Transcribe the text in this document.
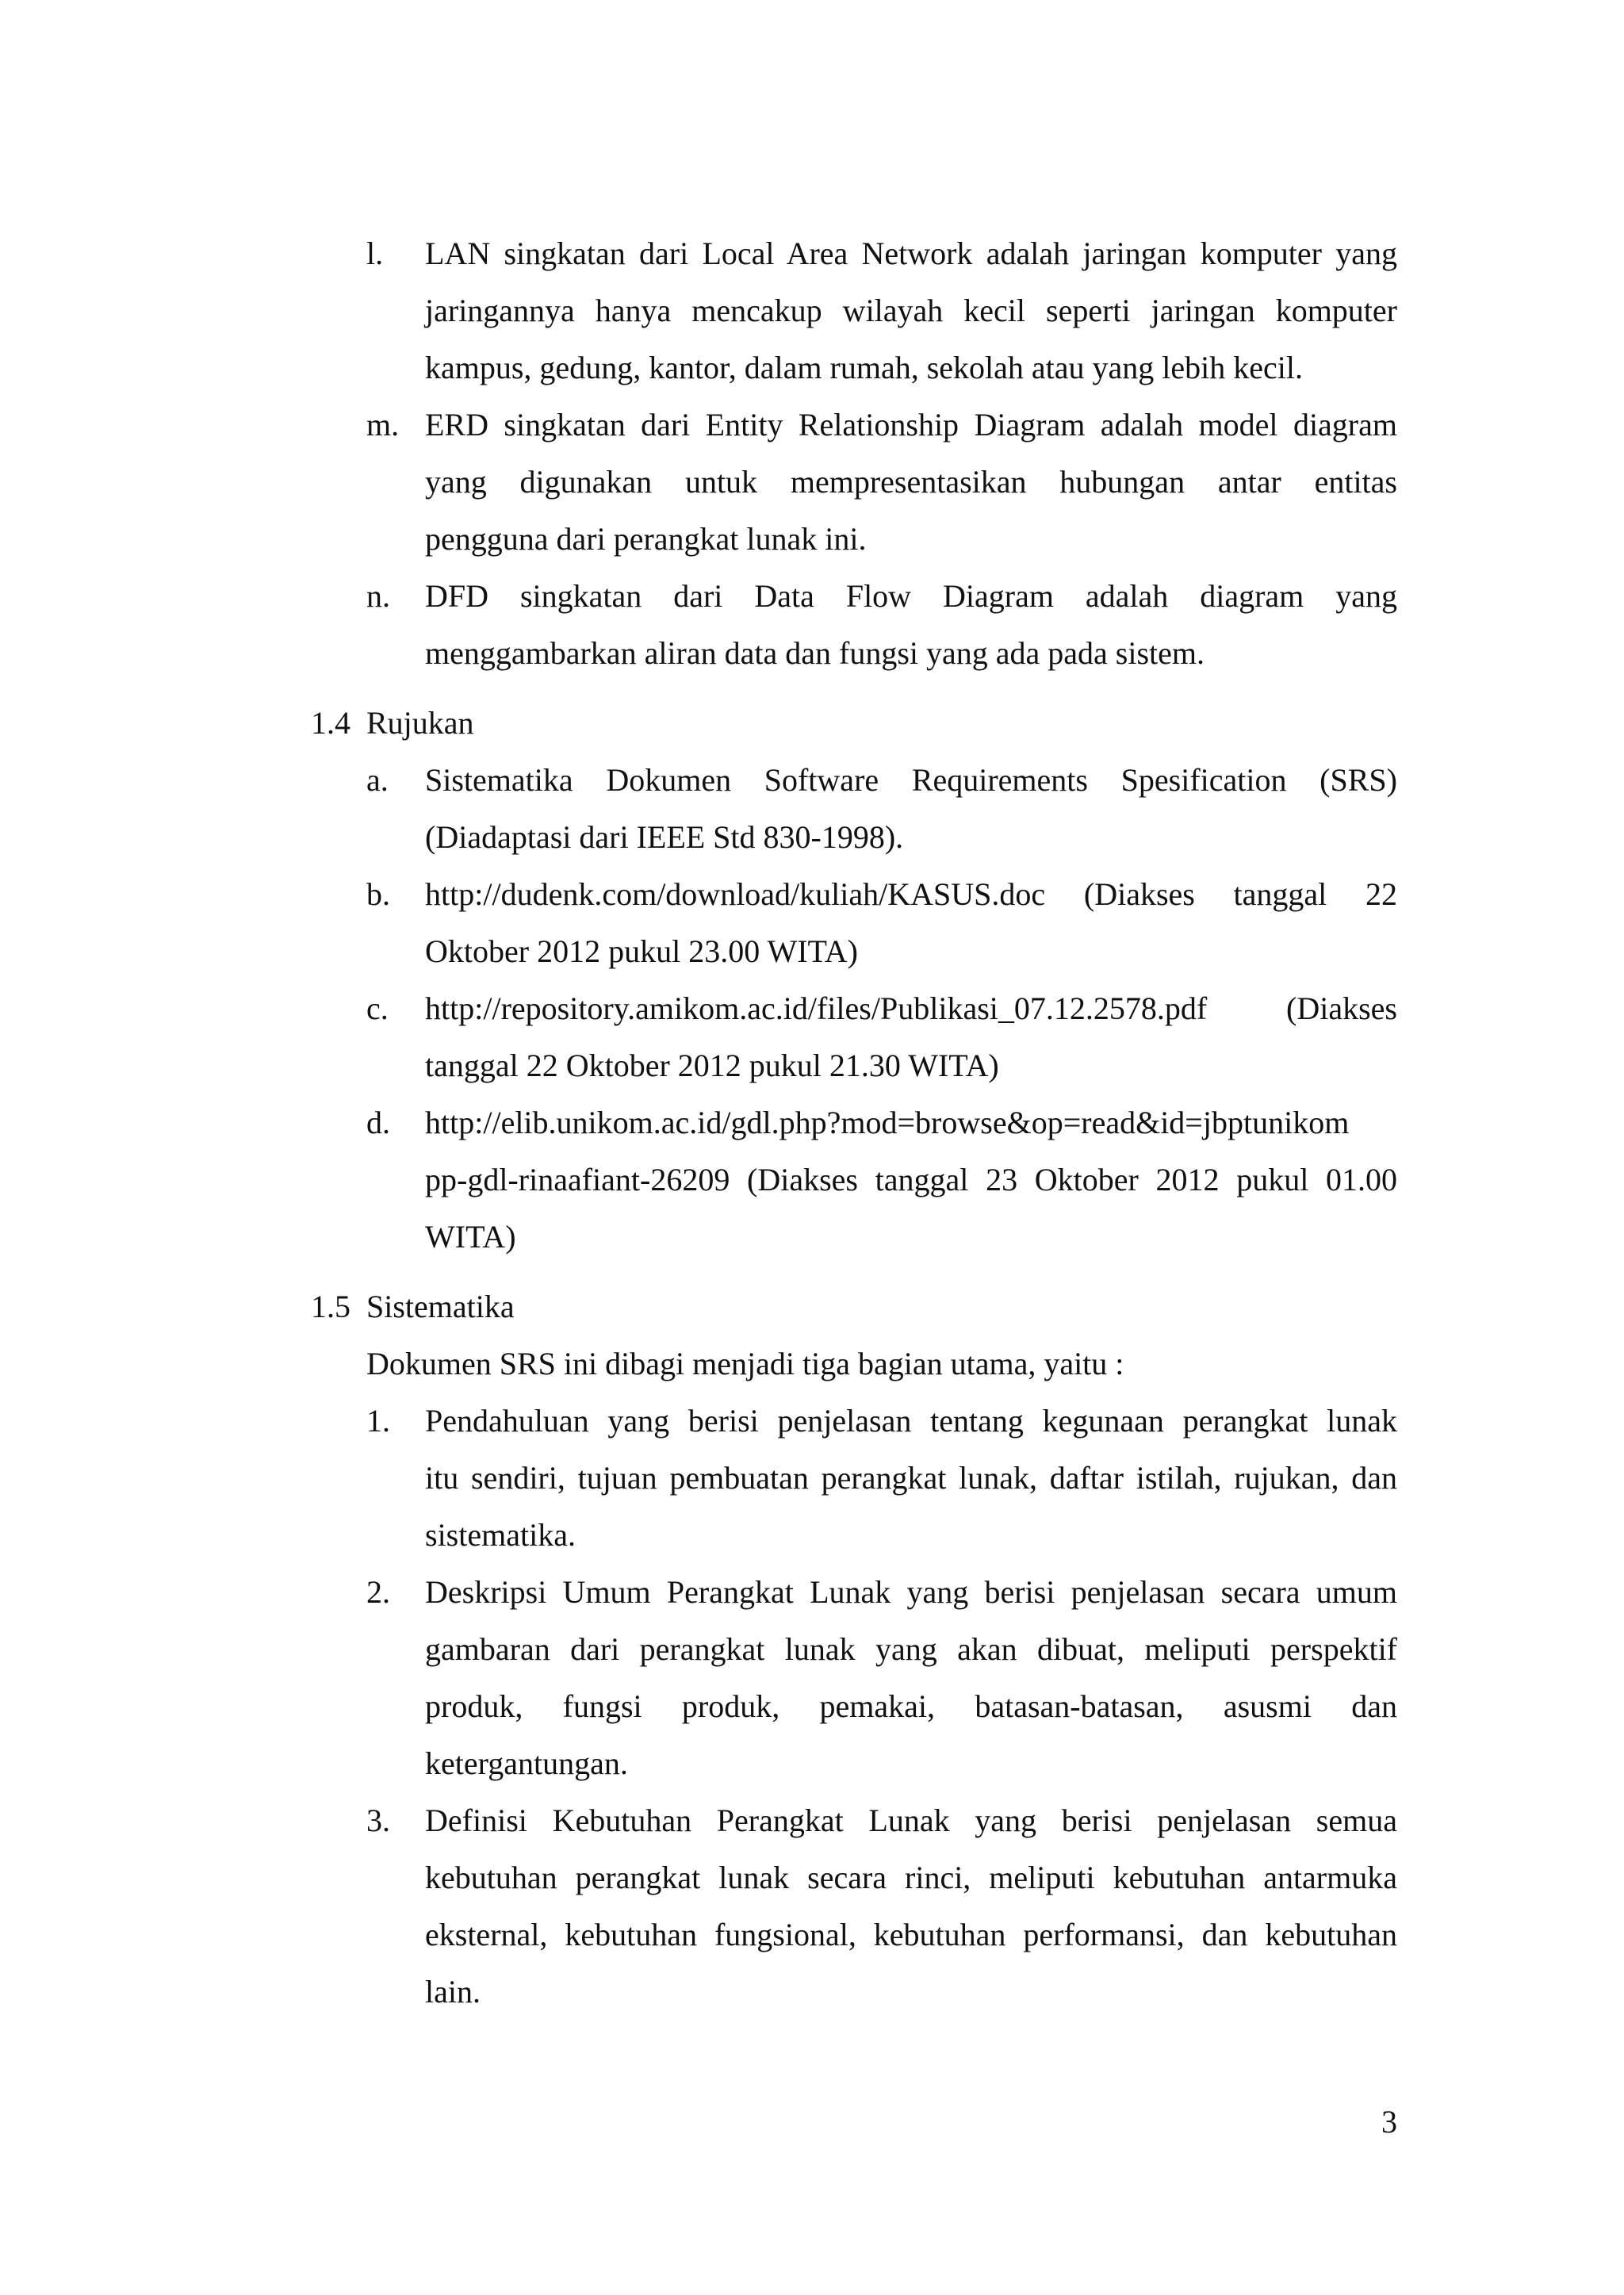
l. LAN singkatan dari Local Area Network adalah jaringan komputer yang
jaringannya hanya mencakup wilayah kecil seperti jaringan komputer
kampus, gedung, kantor, dalam rumah, sekolah atau yang lebih kecil.
m. ERD singkatan dari Entity Relationship Diagram adalah model diagram
yang digunakan untuk mempresentasikan hubungan antar entitas
pengguna dari perangkat lunak ini.
n. DFD singkatan dari Data Flow Diagram adalah diagram yang
menggambarkan aliran data dan fungsi yang ada pada sistem.
1.4 Rujukan
a. Sistematika Dokumen Software Requirements Spesification (SRS)
(Diadaptasi dari IEEE Std 830-1998).
b. http://dudenk.com/download/kuliah/KASUS.doc (Diakses tanggal 22
Oktober 2012 pukul 23.00 WITA)
c. http://repository.amikom.ac.id/files/Publikasi_07.12.2578.pdf (Diakses
tanggal 22 Oktober 2012 pukul 21.30 WITA)
d. http://elib.unikom.ac.id/gdl.php?mod=browse&op=read&id=jbptunikom
pp-gdl-rinaafiant-26209 (Diakses tanggal 23 Oktober 2012 pukul 01.00
WITA)
1.5 Sistematika
Dokumen SRS ini dibagi menjadi tiga bagian utama, yaitu :
1. Pendahuluan yang berisi penjelasan tentang kegunaan perangkat lunak
itu sendiri, tujuan pembuatan perangkat lunak, daftar istilah, rujukan, dan
sistematika.
2. Deskripsi Umum Perangkat Lunak yang berisi penjelasan secara umum
gambaran dari perangkat lunak yang akan dibuat, meliputi perspektif
produk, fungsi produk, pemakai, batasan-batasan, asusmi dan
ketergantungan.
3. Definisi Kebutuhan Perangkat Lunak yang berisi penjelasan semua
kebutuhan perangkat lunak secara rinci, meliputi kebutuhan antarmuka
eksternal, kebutuhan fungsional, kebutuhan performansi, dan kebutuhan
lain.
3
